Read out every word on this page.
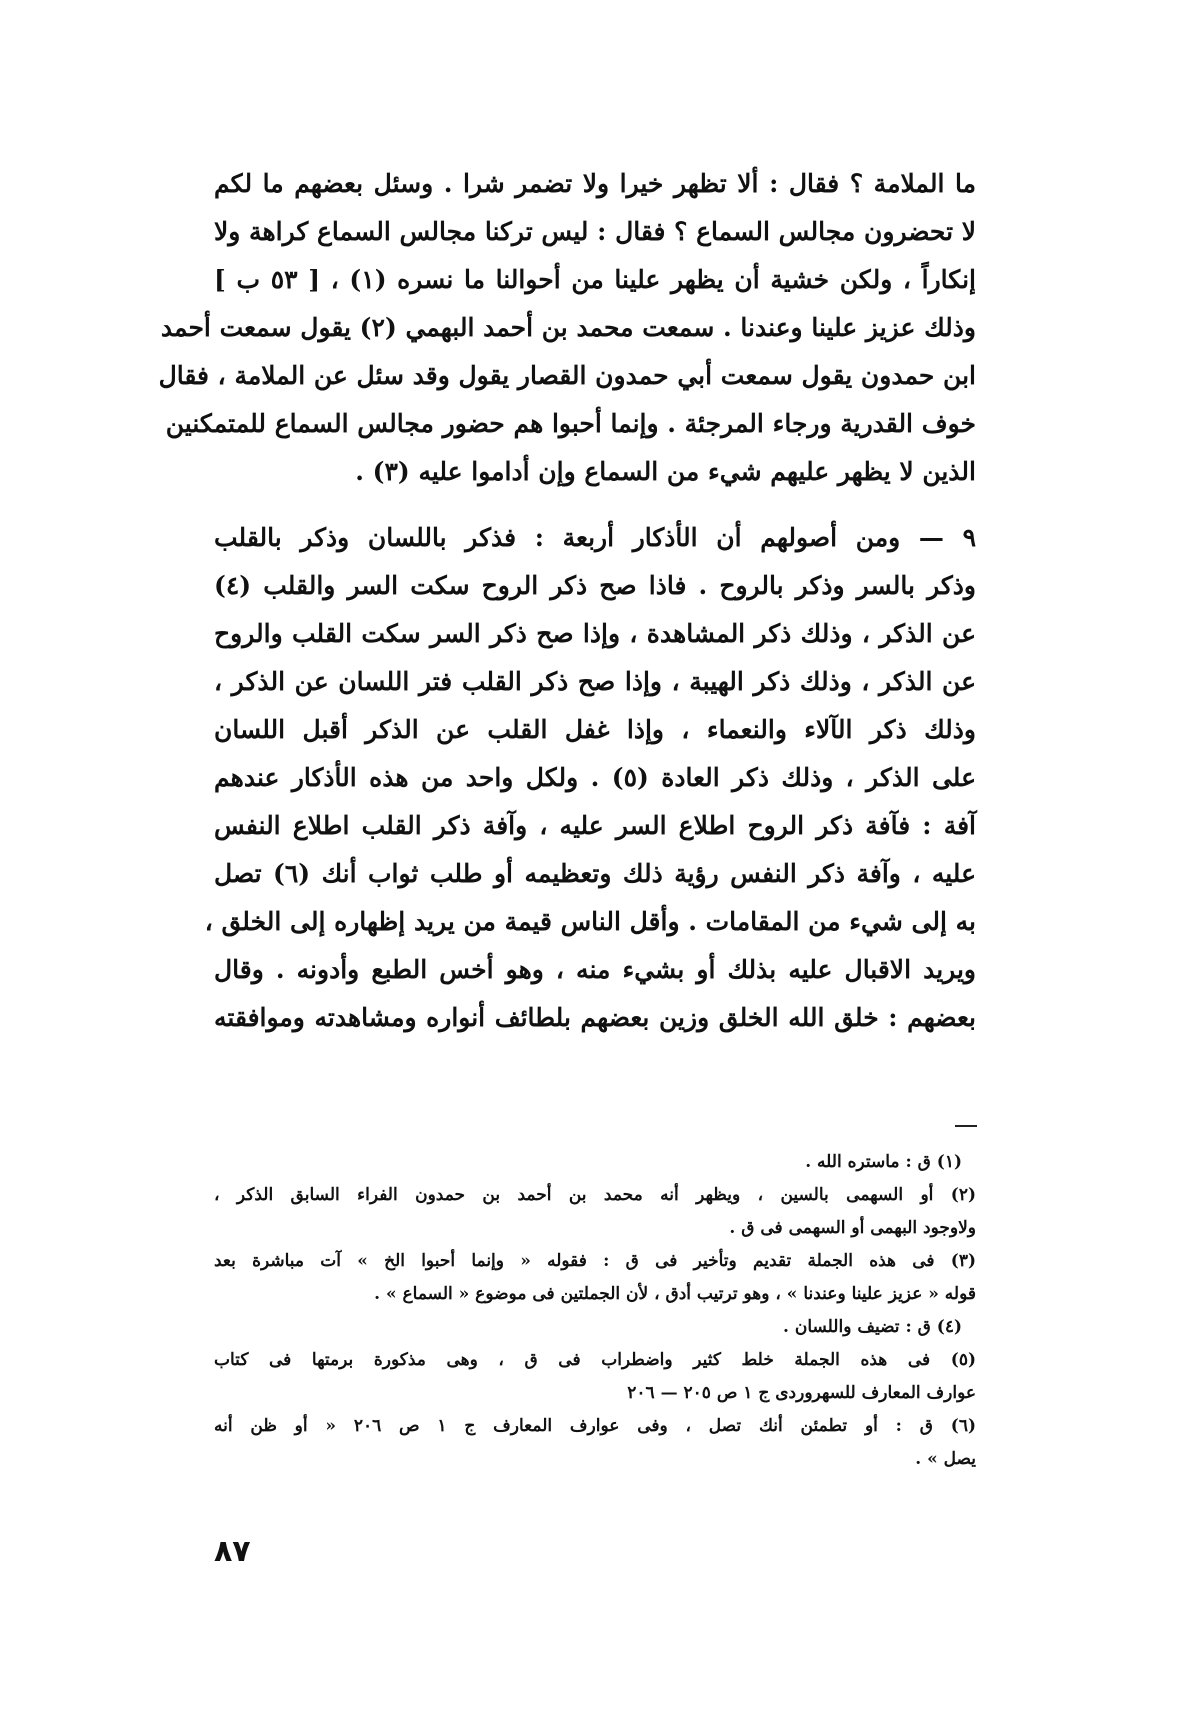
ما الملامة ؟ فقال : ألا تظهر خيرا ولا تضمر شرا . وسئل بعضهم ما لكم
لا تحضرون مجالس السماع ؟ فقال : ليس تركنا مجالس السماع كراهة ولا
إنكاراً ، ولكن خشية أن يظهر علينا من أحوالنا ما نسره (١) ، [ ٥٣ ب ]
وذلك عزيز علينا وعندنا . سمعت محمد بن أحمد البهمي (٢) يقول سمعت أحمد
ابن حمدون يقول سمعت أبي حمدون القصار يقول وقد سئل عن الملامة ، فقال
خوف القدرية ورجاء المرجئة . وإنما أحبوا هم حضور مجالس السماع للمتمكنين
الذين لا يظهر عليهم شيء من السماع وإن أداموا عليه (٣) .
٩ — ومن أصولهم أن الأذكار أربعة : فذكر باللسان وذكر بالقلب
وذكر بالسر وذكر بالروح . فاذا صح ذكر الروح سكت السر والقلب (٤)
عن الذكر ، وذلك ذكر المشاهدة ، وإذا صح ذكر السر سكت القلب والروح
عن الذكر ، وذلك ذكر الهيبة ، وإذا صح ذكر القلب فتر اللسان عن الذكر ،
وذلك ذكر الآلاء والنعماء ، وإذا غفل القلب عن الذكر أقبل اللسان
على الذكر ، وذلك ذكر العادة (٥) . ولكل واحد من هذه الأذكار عندهم
آفة : فآفة ذكر الروح اطلاع السر عليه ، وآفة ذكر القلب اطلاع النفس
عليه ، وآفة ذكر النفس رؤية ذلك وتعظيمه أو طلب ثواب أنك (٦) تصل
به إلى شيء من المقامات . وأقل الناس قيمة من يريد إظهاره إلى الخلق ،
ويريد الاقبال عليه بذلك أو بشيء منه ، وهو أخس الطبع وأدونه . وقال
بعضهم : خلق الله الخلق وزين بعضهم بلطائف أنواره ومشاهدته وموافقته
(١) ق : ماستره الله .
(٢) أو السهمى بالسين ، ويظهر أنه محمد بن أحمد بن حمدون الفراء السابق الذكر ،
ولاوجود البهمى أو السهمى فى ق .
(٣) فى هذه الجملة تقديم وتأخير فى ق : فقوله « وإنما أحبوا الخ » آت مباشرة بعد
قوله « عزيز علينا وعندنا » ، وهو ترتيب أدق ، لأن الجملتين فى موضوع « السماع » .
(٤) ق : تضيف واللسان .
(٥) فى هذه الجملة خلط كثير واضطراب فى ق ، وهى مذكورة برمتها فى كتاب
عوارف المعارف للسهروردى ج ١ ص ٢٠٥ — ٢٠٦
(٦) ق : أو تطمئن أنك تصل ، وفى عوارف المعارف ج ١ ص ٢٠٦ « أو ظن أنه
يصل » .
٨٧
